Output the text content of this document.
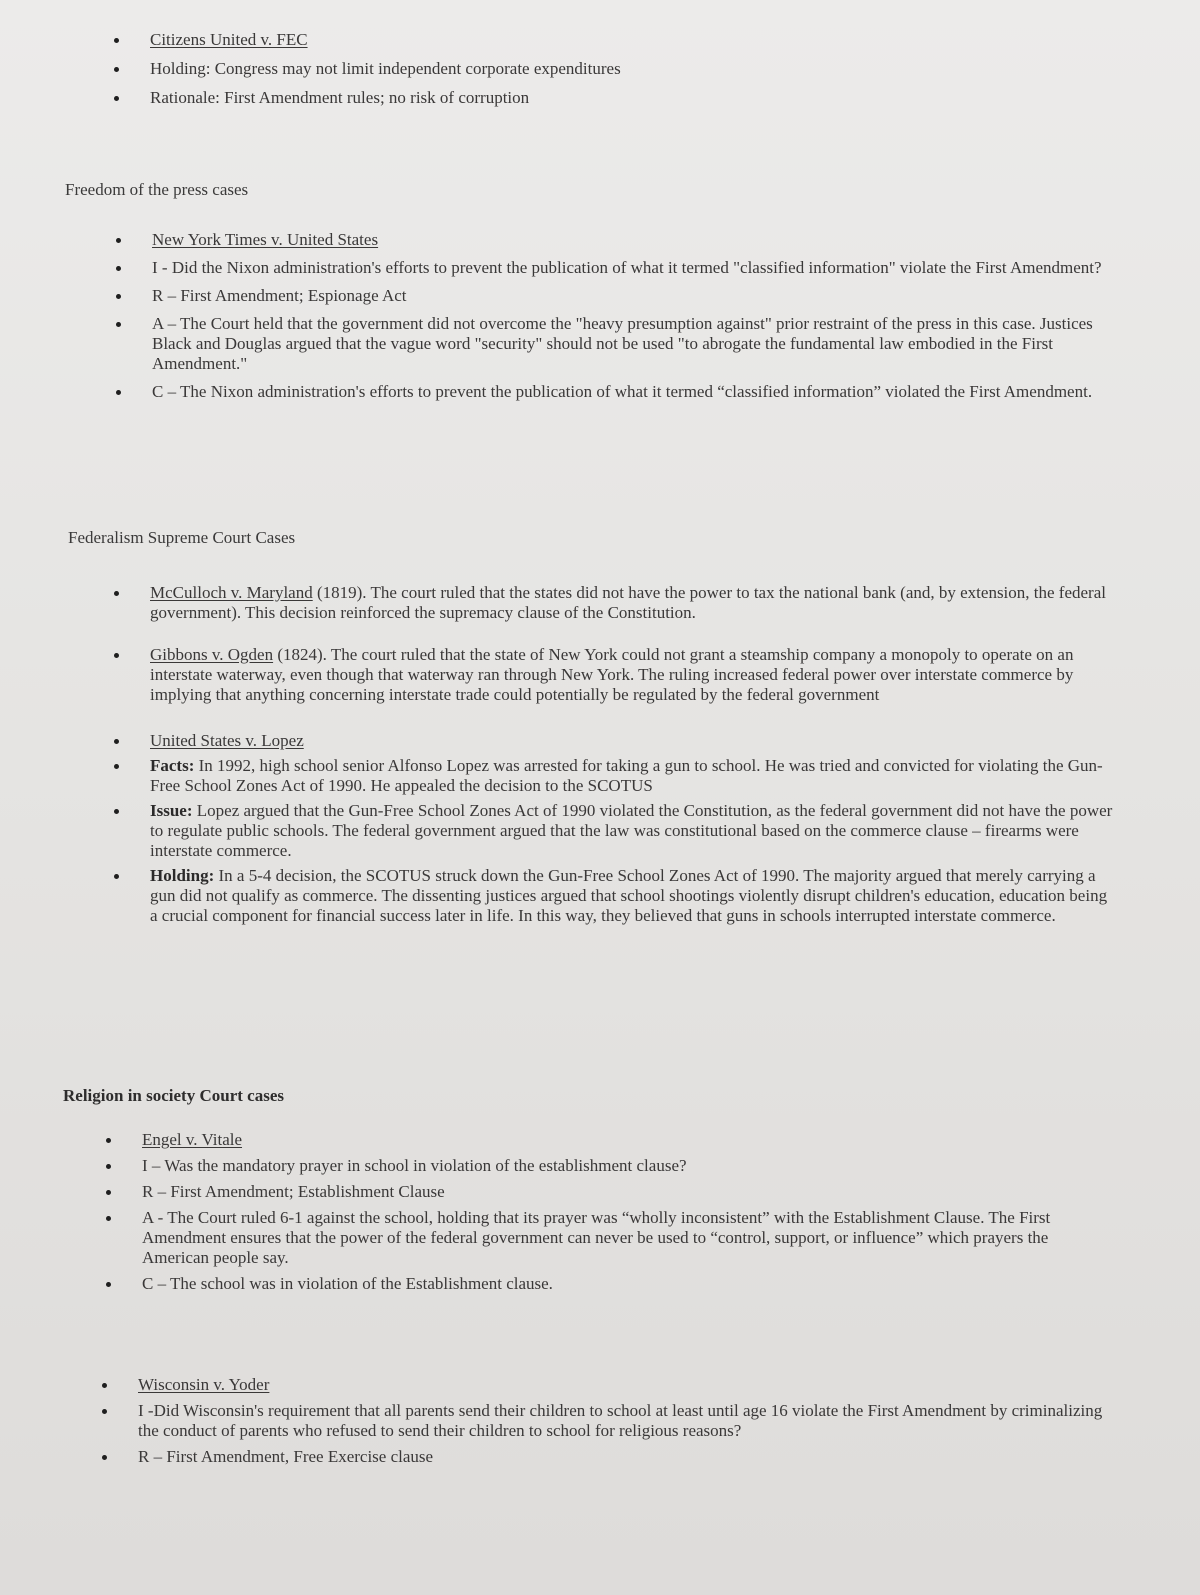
Citizens United v. FEC
Holding: Congress may not limit independent corporate expenditures
Rationale: First Amendment rules; no risk of corruption
Freedom of the press cases
New York Times v. United States
I - Did the Nixon administration's efforts to prevent the publication of what it termed "classified information" violate the First Amendment?
R – First Amendment; Espionage Act
A – The Court held that the government did not overcome the "heavy presumption against" prior restraint of the press in this case. Justices Black and Douglas argued that the vague word "security" should not be used "to abrogate the fundamental law embodied in the First Amendment."
C – The Nixon administration's efforts to prevent the publication of what it termed “classified information” violated the First Amendment.
Federalism Supreme Court Cases
McCulloch v. Maryland (1819). The court ruled that the states did not have the power to tax the national bank (and, by extension, the federal government). This decision reinforced the supremacy clause of the Constitution.
Gibbons v. Ogden (1824). The court ruled that the state of New York could not grant a steamship company a monopoly to operate on an interstate waterway, even though that waterway ran through New York. The ruling increased federal power over interstate commerce by implying that anything concerning interstate trade could potentially be regulated by the federal government
United States v. Lopez
Facts: In 1992, high school senior Alfonso Lopez was arrested for taking a gun to school. He was tried and convicted for violating the Gun-Free School Zones Act of 1990. He appealed the decision to the SCOTUS
Issue: Lopez argued that the Gun-Free School Zones Act of 1990 violated the Constitution, as the federal government did not have the power to regulate public schools. The federal government argued that the law was constitutional based on the commerce clause – firearms were interstate commerce.
Holding: In a 5-4 decision, the SCOTUS struck down the Gun-Free School Zones Act of 1990. The majority argued that merely carrying a gun did not qualify as commerce. The dissenting justices argued that school shootings violently disrupt children's education, education being a crucial component for financial success later in life. In this way, they believed that guns in schools interrupted interstate commerce.
Religion in society Court cases
Engel v. Vitale
I – Was the mandatory prayer in school in violation of the establishment clause?
R – First Amendment; Establishment Clause
A - The Court ruled 6-1 against the school, holding that its prayer was “wholly inconsistent” with the Establishment Clause. The First Amendment ensures that the power of the federal government can never be used to “control, support, or influence” which prayers the American people say.
C – The school was in violation of the Establishment clause.
Wisconsin v. Yoder
I -Did Wisconsin's requirement that all parents send their children to school at least until age 16 violate the First Amendment by criminalizing the conduct of parents who refused to send their children to school for religious reasons?
R – First Amendment, Free Exercise clause
